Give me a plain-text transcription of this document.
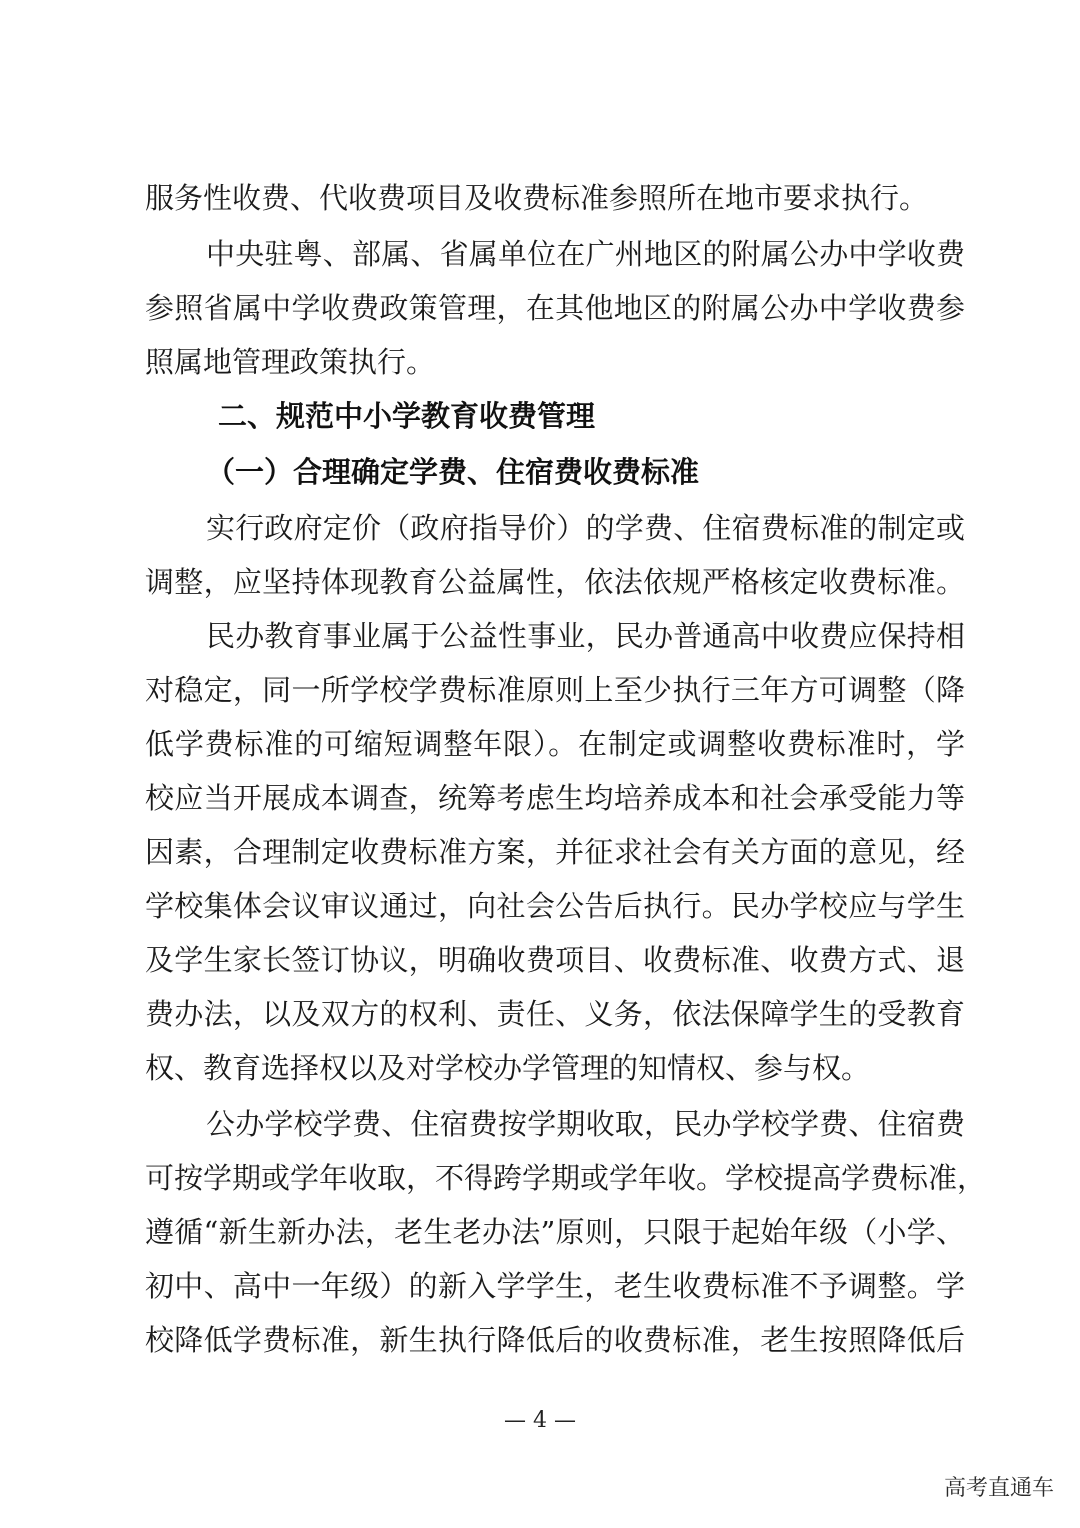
服务性收费、代收费项目及收费标准参照所在地市要求执行。
中央驻粤、部属、省属单位在广州地区的附属公办中学收费
参照省属中学收费政策管理，在其他地区的附属公办中学收费参
照属地管理政策执行。
二、规范中小学教育收费管理
（一）合理确定学费、住宿费收费标准
实行政府定价（政府指导价）的学费、住宿费标准的制定或
调整，应坚持体现教育公益属性，依法依规严格核定收费标准。
民办教育事业属于公益性事业，民办普通高中收费应保持相
对稳定，同一所学校学费标准原则上至少执行三年方可调整（降
低学费标准的可缩短调整年限）。在制定或调整收费标准时，学
校应当开展成本调查，统筹考虑生均培养成本和社会承受能力等
因素，合理制定收费标准方案，并征求社会有关方面的意见，经
学校集体会议审议通过，向社会公告后执行。民办学校应与学生
及学生家长签订协议，明确收费项目、收费标准、收费方式、退
费办法，以及双方的权利、责任、义务，依法保障学生的受教育
权、教育选择权以及对学校办学管理的知情权、参与权。
公办学校学费、住宿费按学期收取，民办学校学费、住宿费
可按学期或学年收取，不得跨学期或学年收。学校提高学费标准，
遵循“新生新办法，老生老办法”原则，只限于起始年级（小学、
初中、高中一年级）的新入学学生，老生收费标准不予调整。学
校降低学费标准，新生执行降低后的收费标准，老生按照降低后
— 4 —
高考直通车
